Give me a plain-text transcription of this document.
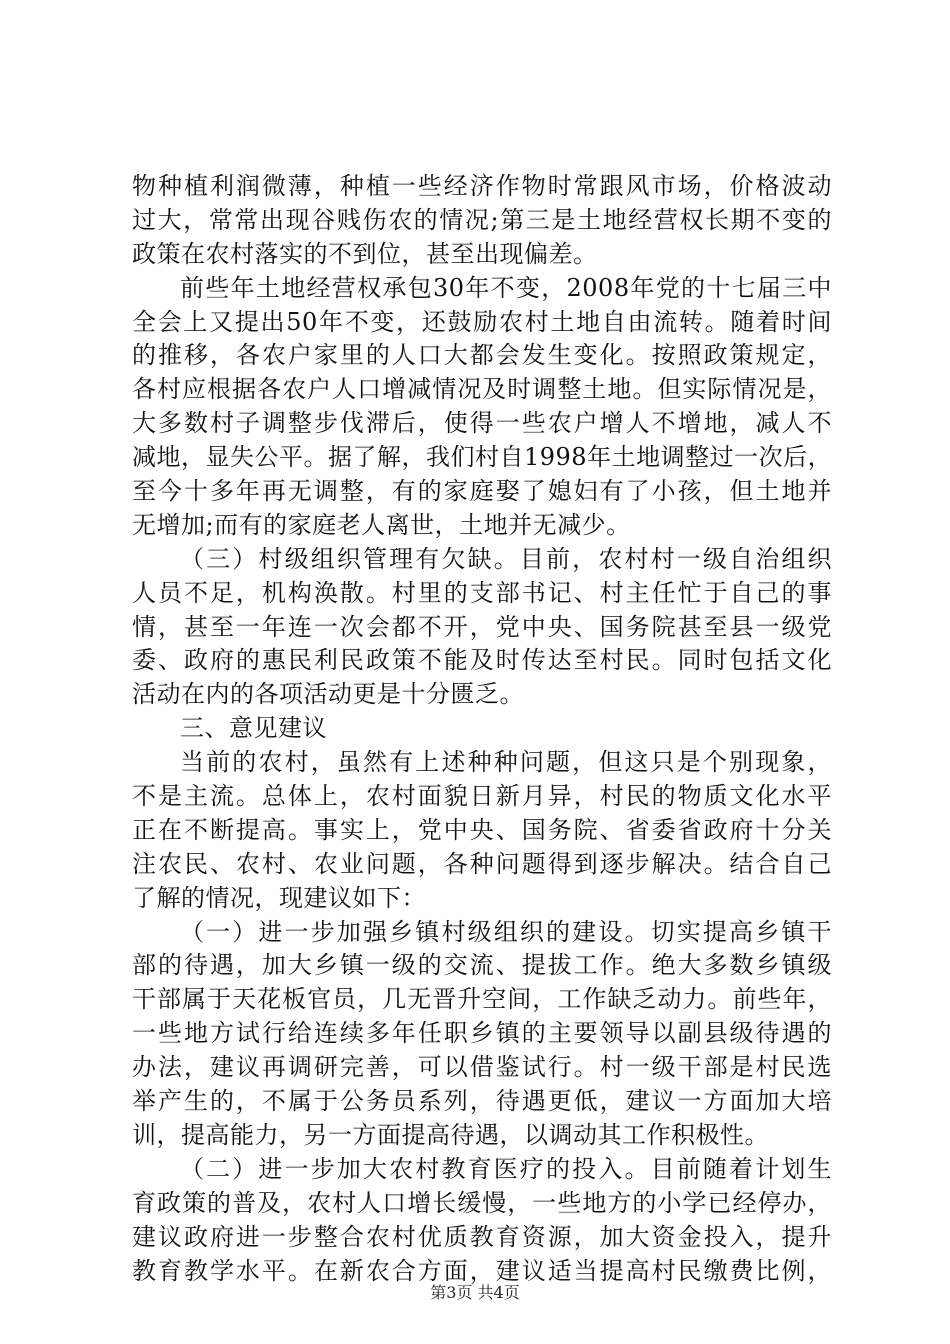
物种植利润微薄，种植一些经济作物时常跟风市场，价格波动
过大，常常出现谷贱伤农的情况;第三是土地经营权长期不变的
政策在农村落实的不到位，甚至出现偏差。
前些年土地经营权承包30年不变，2008年党的十七届三中
全会上又提出50年不变，还鼓励农村土地自由流转。随着时间
的推移，各农户家里的人口大都会发生变化。按照政策规定，
各村应根据各农户人口增减情况及时调整土地。但实际情况是，
大多数村子调整步伐滞后，使得一些农户增人不增地，减人不
减地，显失公平。据了解，我们村自1998年土地调整过一次后，
至今十多年再无调整，有的家庭娶了媳妇有了小孩，但土地并
无增加;而有的家庭老人离世，土地并无减少。
（三）村级组织管理有欠缺。目前，农村村一级自治组织
人员不足，机构涣散。村里的支部书记、村主任忙于自己的事
情，甚至一年连一次会都不开，党中央、国务院甚至县一级党
委、政府的惠民利民政策不能及时传达至村民。同时包括文化
活动在内的各项活动更是十分匮乏。
三、意见建议
当前的农村，虽然有上述种种问题，但这只是个别现象，
不是主流。总体上，农村面貌日新月异，村民的物质文化水平
正在不断提高。事实上，党中央、国务院、省委省政府十分关
注农民、农村、农业问题，各种问题得到逐步解决。结合自己
了解的情况，现建议如下：
（一）进一步加强乡镇村级组织的建设。切实提高乡镇干
部的待遇，加大乡镇一级的交流、提拔工作。绝大多数乡镇级
干部属于天花板官员，几无晋升空间，工作缺乏动力。前些年，
一些地方试行给连续多年任职乡镇的主要领导以副县级待遇的
办法，建议再调研完善，可以借鉴试行。村一级干部是村民选
举产生的，不属于公务员系列，待遇更低，建议一方面加大培
训，提高能力，另一方面提高待遇，以调动其工作积极性。
（二）进一步加大农村教育医疗的投入。目前随着计划生
育政策的普及，农村人口增长缓慢，一些地方的小学已经停办，
建议政府进一步整合农村优质教育资源，加大资金投入，提升
教育教学水平。在新农合方面，建议适当提高村民缴费比例，
第3页 共4页
